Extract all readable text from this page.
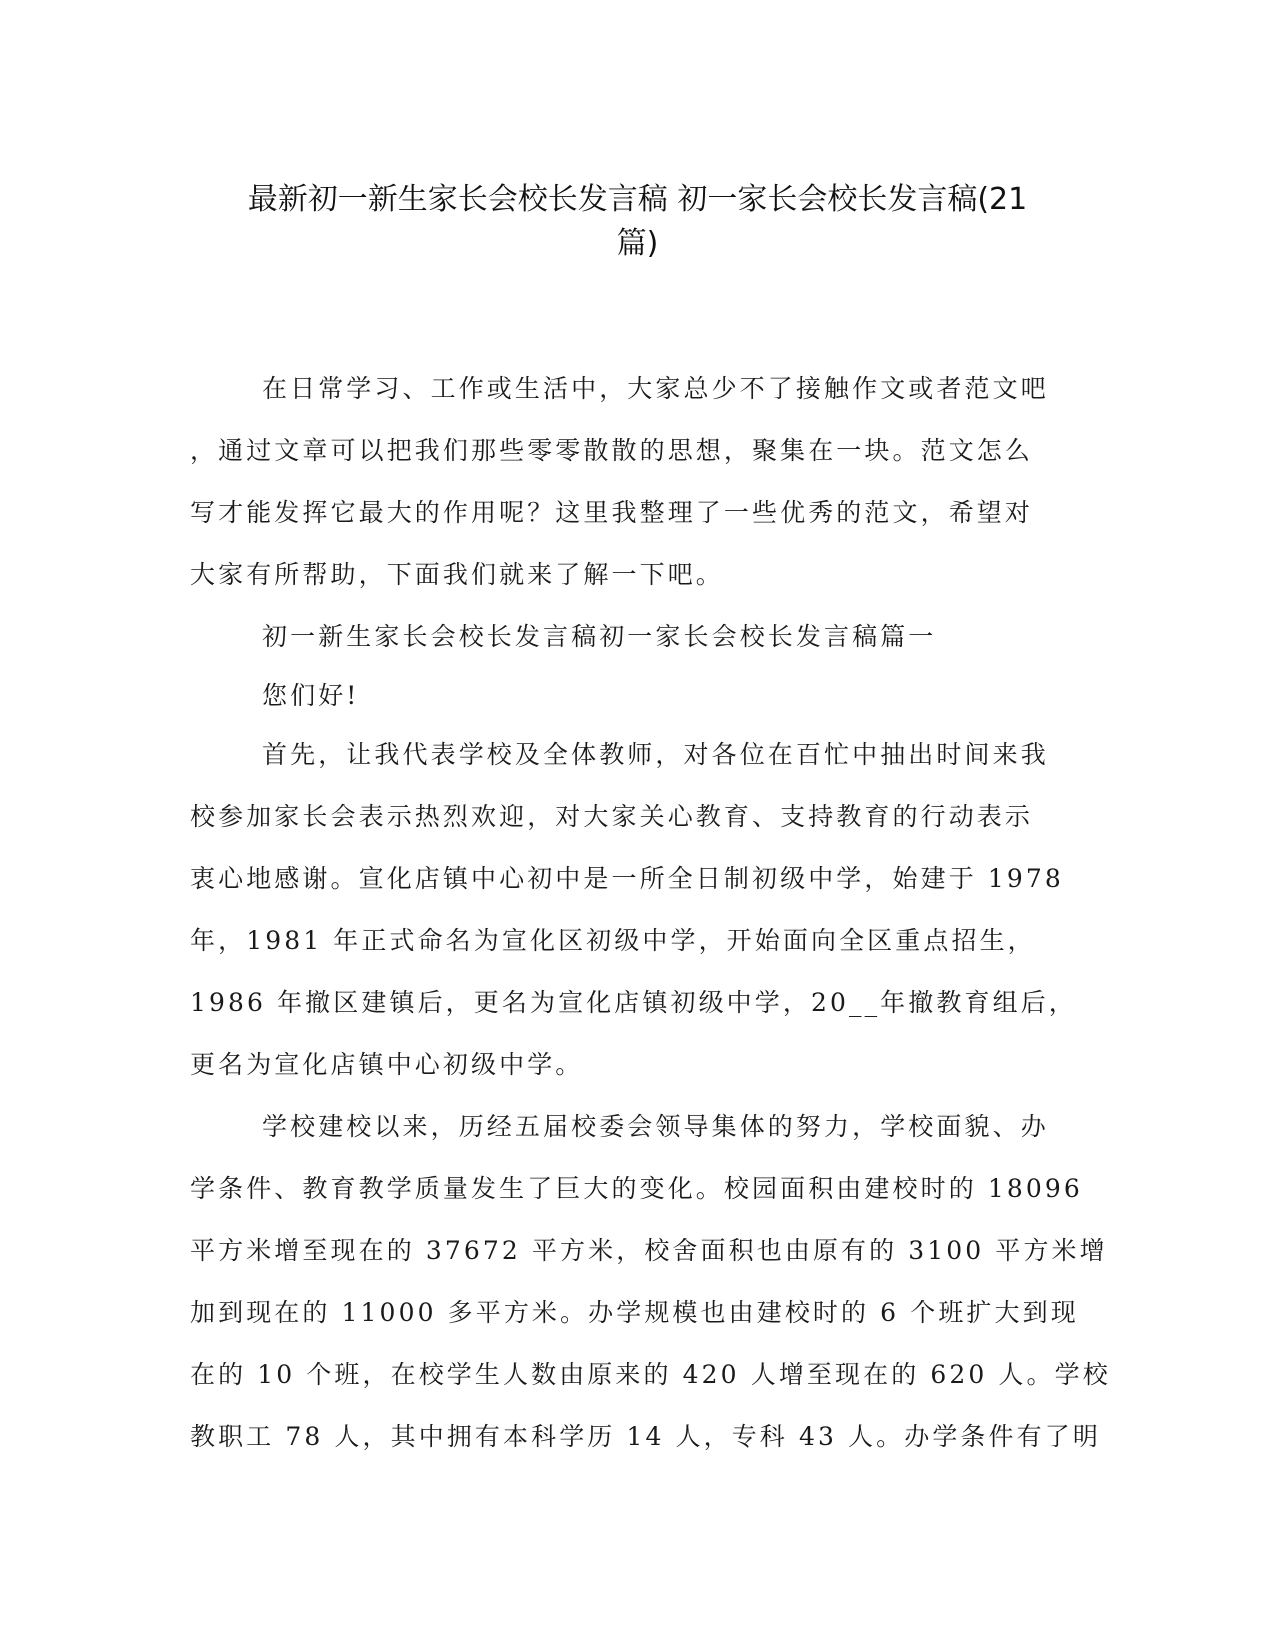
最新初一新生家长会校长发言稿 初一家长会校长发言稿(21
篇)
在日常学习、工作或生活中，大家总少不了接触作文或者范文吧
，通过文章可以把我们那些零零散散的思想，聚集在一块。范文怎么
写才能发挥它最大的作用呢？这里我整理了一些优秀的范文，希望对
大家有所帮助，下面我们就来了解一下吧。
初一新生家长会校长发言稿初一家长会校长发言稿篇一
您们好!
首先，让我代表学校及全体教师，对各位在百忙中抽出时间来我
校参加家长会表示热烈欢迎，对大家关心教育、支持教育的行动表示
衷心地感谢。宣化店镇中心初中是一所全日制初级中学，始建于 1978
年，1981 年正式命名为宣化区初级中学，开始面向全区重点招生，
1986 年撤区建镇后，更名为宣化店镇初级中学，20__年撤教育组后，
更名为宣化店镇中心初级中学。
学校建校以来，历经五届校委会领导集体的努力，学校面貌、办
学条件、教育教学质量发生了巨大的变化。校园面积由建校时的 18096
平方米增至现在的 37672 平方米，校舍面积也由原有的 3100 平方米增
加到现在的 11000 多平方米。办学规模也由建校时的 6 个班扩大到现
在的 10 个班，在校学生人数由原来的 420 人增至现在的 620 人。学校
教职工 78 人，其中拥有本科学历 14 人，专科 43 人。办学条件有了明
